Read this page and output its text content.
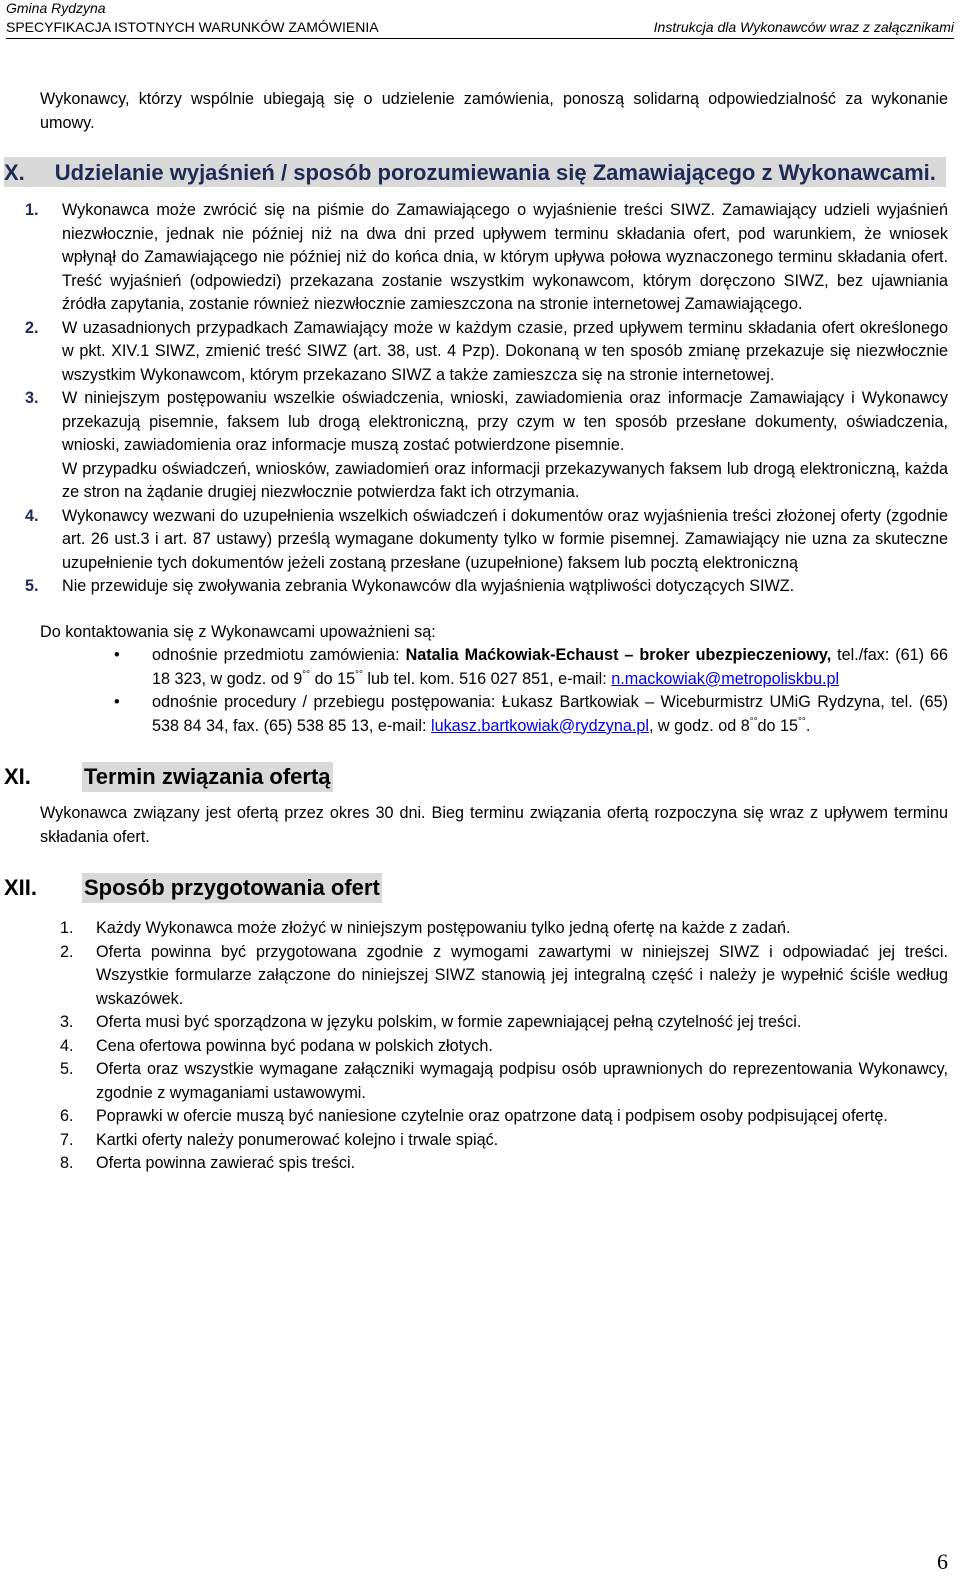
Gmina Rydzyna
SPECYFIKACJA ISTOTNYCH WARUNKÓW ZAMÓWIENIA	Instrukcja dla Wykonawców wraz z załącznikami

Wykonawcy, którzy wspólnie ubiegają się o udzielenie zamówienia, ponoszą solidarną odpowiedzialność za wykonanie umowy.

X. Udzielanie wyjaśnień / sposób porozumiewania się Zamawiającego z Wykonawcami.
1. Wykonawca może zwrócić się na piśmie do Zamawiającego o wyjaśnienie treści SIWZ. Zamawiający udzieli wyjaśnień niezwłocznie, jednak nie później niż na dwa dni przed upływem terminu składania ofert, pod warunkiem, że wniosek wpłynął do Zamawiającego nie później niż do końca dnia, w którym upływa połowa wyznaczonego terminu składania ofert. Treść wyjaśnień (odpowiedzi) przekazana zostanie wszystkim wykonawcom, którym doręczono SIWZ, bez ujawniania źródła zapytania, zostanie również niezwłocznie zamieszczona na stronie internetowej Zamawiającego.
2. W uzasadnionych przypadkach Zamawiający może w każdym czasie, przed upływem terminu składania ofert określonego w pkt. XIV.1 SIWZ, zmienić treść SIWZ (art. 38, ust. 4 Pzp). Dokonaną w ten sposób zmianę przekazuje się niezwłocznie wszystkim Wykonawcom, którym przekazano SIWZ a także zamieszcza się na stronie internetowej.
3. W niniejszym postępowaniu wszelkie oświadczenia, wnioski, zawiadomienia oraz informacje Zamawiający i Wykonawcy przekazują pisemnie, faksem lub drogą elektroniczną, przy czym w ten sposób przesłane dokumenty, oświadczenia, wnioski, zawiadomienia oraz informacje muszą zostać potwierdzone pisemnie.
W przypadku oświadczeń, wniosków, zawiadomień oraz informacji przekazywanych faksem lub drogą elektroniczną, każda ze stron na żądanie drugiej niezwłocznie potwierdza fakt ich otrzymania.
4. Wykonawcy wezwani do uzupełnienia wszelkich oświadczeń i dokumentów oraz wyjaśnienia treści złożonej oferty (zgodnie art. 26 ust.3 i art. 87 ustawy) prześlą wymagane dokumenty tylko w formie pisemnej. Zamawiający nie uzna za skuteczne uzupełnienie tych dokumentów jeżeli zostaną przesłane (uzupełnione) faksem lub pocztą elektroniczną
5. Nie przewiduje się zwoływania zebrania Wykonawców dla wyjaśnienia wątpliwości dotyczących SIWZ.

Do kontaktowania się z Wykonawcami upoważnieni są:

• odnośnie przedmiotu zamówienia: Natalia Maćkowiak-Echaust – broker ubezpieczeniowy, tel./fax: (61) 66 18 323, w godz. od 9°° do 15°° lub tel. kom. 516 027 851, e-mail: n.mackowiak@metropoliskbu.pl
• odnośnie procedury / przebiegu postępowania: Łukasz Bartkowiak – Wiceburmistrz UMiG Rydzyna, tel. (65) 538 84 34, fax. (65) 538 85 13, e-mail: lukasz.bartkowiak@rydzyna.pl, w godz. od 8°°do 15°°.
XI.	Termin związania ofertą

Wykonawca związany jest ofertą przez okres 30 dni. Bieg terminu związania ofertą rozpoczyna się wraz z upływem terminu składania ofert.

XII.	Sposób przygotowania ofert
1. Każdy Wykonawca może złożyć w niniejszym postępowaniu tylko jedną ofertę na każde z zadań.
2. Oferta powinna być przygotowana zgodnie z wymogami zawartymi w niniejszej SIWZ i odpowiadać jej treści. Wszystkie formularze załączone do niniejszej SIWZ stanowią jej integralną część i należy je wypełnić ściśle według wskazówek.
3. Oferta musi być sporządzona w języku polskim, w formie zapewniającej pełną czytelność jej treści.
4. Cena ofertowa powinna być podana w polskich złotych.
5. Oferta oraz wszystkie wymagane załączniki wymagają podpisu osób uprawnionych do reprezentowania Wykonawcy, zgodnie z wymaganiami ustawowymi.
6. Poprawki w ofercie muszą być naniesione czytelnie oraz opatrzone datą i podpisem osoby podpisującej ofertę.
7. Kartki oferty należy ponumerować kolejno i trwale spiąć.
8. Oferta powinna zawierać spis treści.
6
